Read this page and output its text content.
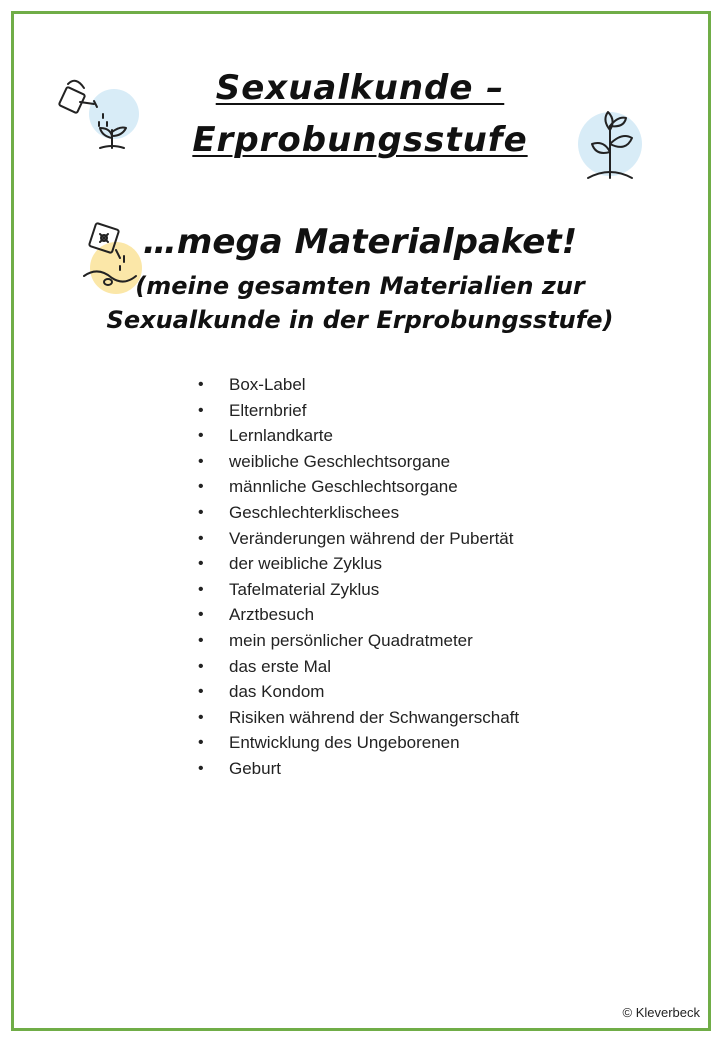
Sexualkunde –
Erprobungsstufe
…mega Materialpaket!
(meine gesamten Materialien zur
Sexualkunde in der Erprobungsstufe)
• Box-Label
• Elternbrief
• Lernlandkarte
• weibliche Geschlechtsorgane
• männliche Geschlechtsorgane
• Geschlechterklischees
• Veränderungen während der Pubertät
• der weibliche Zyklus
• Tafelmaterial Zyklus
• Arztbesuch
• mein persönlicher Quadratmeter
• das erste Mal
• das Kondom
• Risiken während der Schwangerschaft
• Entwicklung des Ungeborenen
• Geburt
© Kleverbeck
